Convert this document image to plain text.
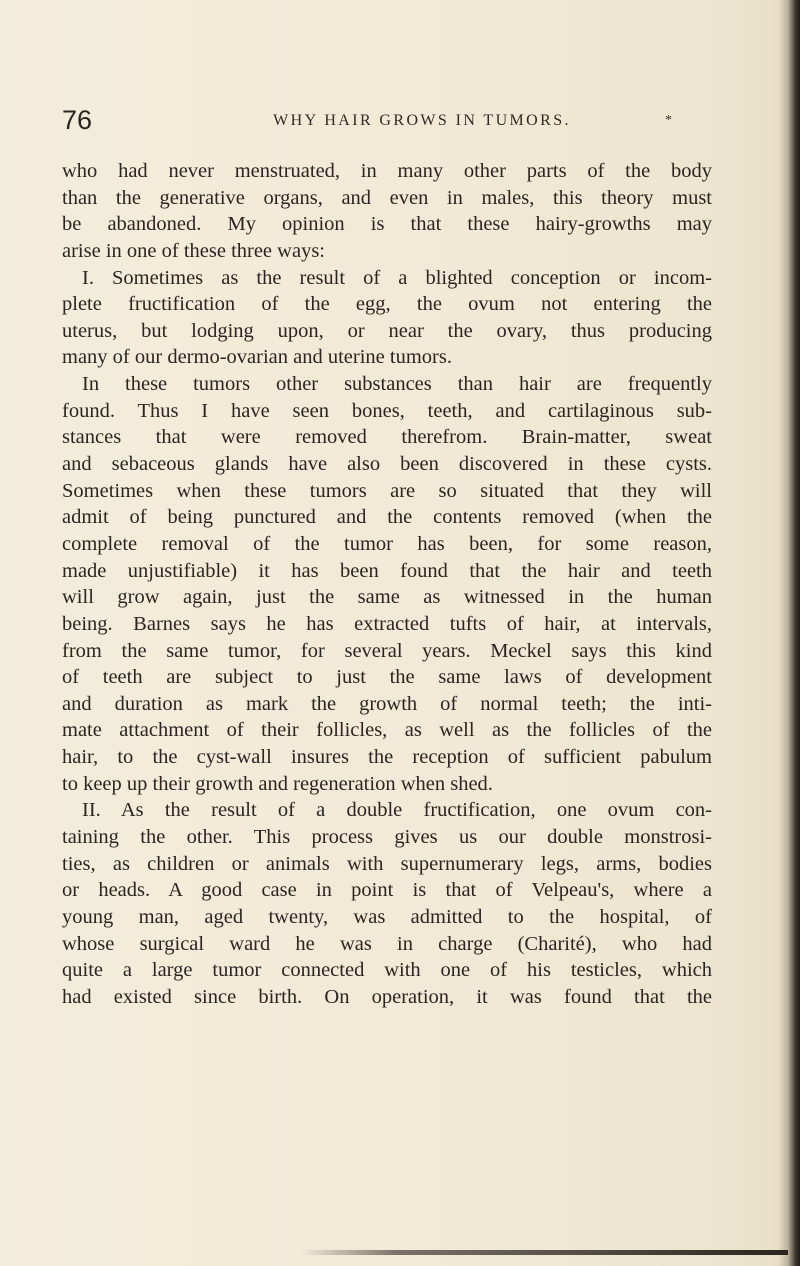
76	WHY HAIR GROWS IN TUMORS.	*
who had never menstruated, in many other parts of the body
than the generative organs, and even in males, this theory must
be abandoned. My opinion is that these hairy-growths may
arise in one of these three ways:
I. Sometimes as the result of a blighted conception or incom-
plete fructification of the egg, the ovum not entering the
uterus, but lodging upon, or near the ovary, thus producing
many of our dermo-ovarian and uterine tumors.
In these tumors other substances than hair are frequently
found. Thus I have seen bones, teeth, and cartilaginous sub-
stances that were removed therefrom. Brain-matter, sweat
and sebaceous glands have also been discovered in these cysts.
Sometimes when these tumors are so situated that they will
admit of being punctured and the contents removed (when the
complete removal of the tumor has been, for some reason,
made unjustifiable) it has been found that the hair and teeth
will grow again, just the same as witnessed in the human
being. Barnes says he has extracted tufts of hair, at intervals,
from the same tumor, for several years. Meckel says this kind
of teeth are subject to just the same laws of development
and duration as mark the growth of normal teeth; the inti-
mate attachment of their follicles, as well as the follicles of the
hair, to the cyst-wall insures the reception of sufficient pabulum
to keep up their growth and regeneration when shed.
II. As the result of a double fructification, one ovum con-
taining the other. This process gives us our double monstrosi-
ties, as children or animals with supernumerary legs, arms, bodies
or heads. A good case in point is that of Velpeau's, where a
young man, aged twenty, was admitted to the hospital, of
whose surgical ward he was in charge (Charité), who had
quite a large tumor connected with one of his testicles, which
had existed since birth. On operation, it was found that the
